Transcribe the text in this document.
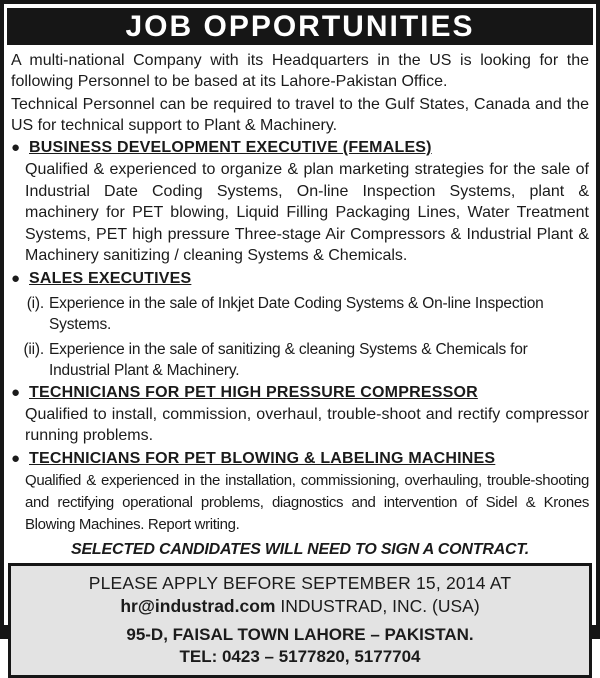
JOB OPPORTUNITIES

A multi-national Company with its Headquarters in the US is looking for the following Personnel to be based at its Lahore-Pakistan Office.

Technical Personnel can be required to travel to the Gulf States, Canada and the US for technical support to Plant & Machinery.

● BUSINESS DEVELOPMENT EXECUTIVE (FEMALES)

Qualified & experienced to organize & plan marketing strategies for the sale of Industrial Date Coding Systems, On-line Inspection Systems, plant & machinery for PET blowing, Liquid Filling Packaging Lines, Water Treatment Systems, PET high pressure Three-stage Air Compressors & Industrial Plant & Machinery sanitizing / cleaning Systems & Chemicals.

● SALES EXECUTIVES
(i). Experience in the sale of Inkjet Date Coding Systems & On-line Inspection Systems.
(ii). Experience in the sale of sanitizing & cleaning Systems & Chemicals for Industrial Plant & Machinery.
● TECHNICIANS FOR PET HIGH PRESSURE COMPRESSOR

Qualified to install, commission, overhaul, trouble-shoot and rectify compressor running problems.

● TECHNICIANS FOR PET BLOWING & LABELING MACHINES

Qualified & experienced in the installation, commissioning, overhauling, trouble-shooting and rectifying operational problems, diagnostics and intervention of Sidel & Krones Blowing Machines. Report writing.

SELECTED CANDIDATES WILL NEED TO SIGN A CONTRACT.
PLEASE APPLY BEFORE SEPTEMBER 15, 2014 AT
hr@industrad.com INDUSTRAD, INC. (USA)
95-D, FAISAL TOWN LAHORE – PAKISTAN.
TEL: 0423 – 5177820, 5177704
